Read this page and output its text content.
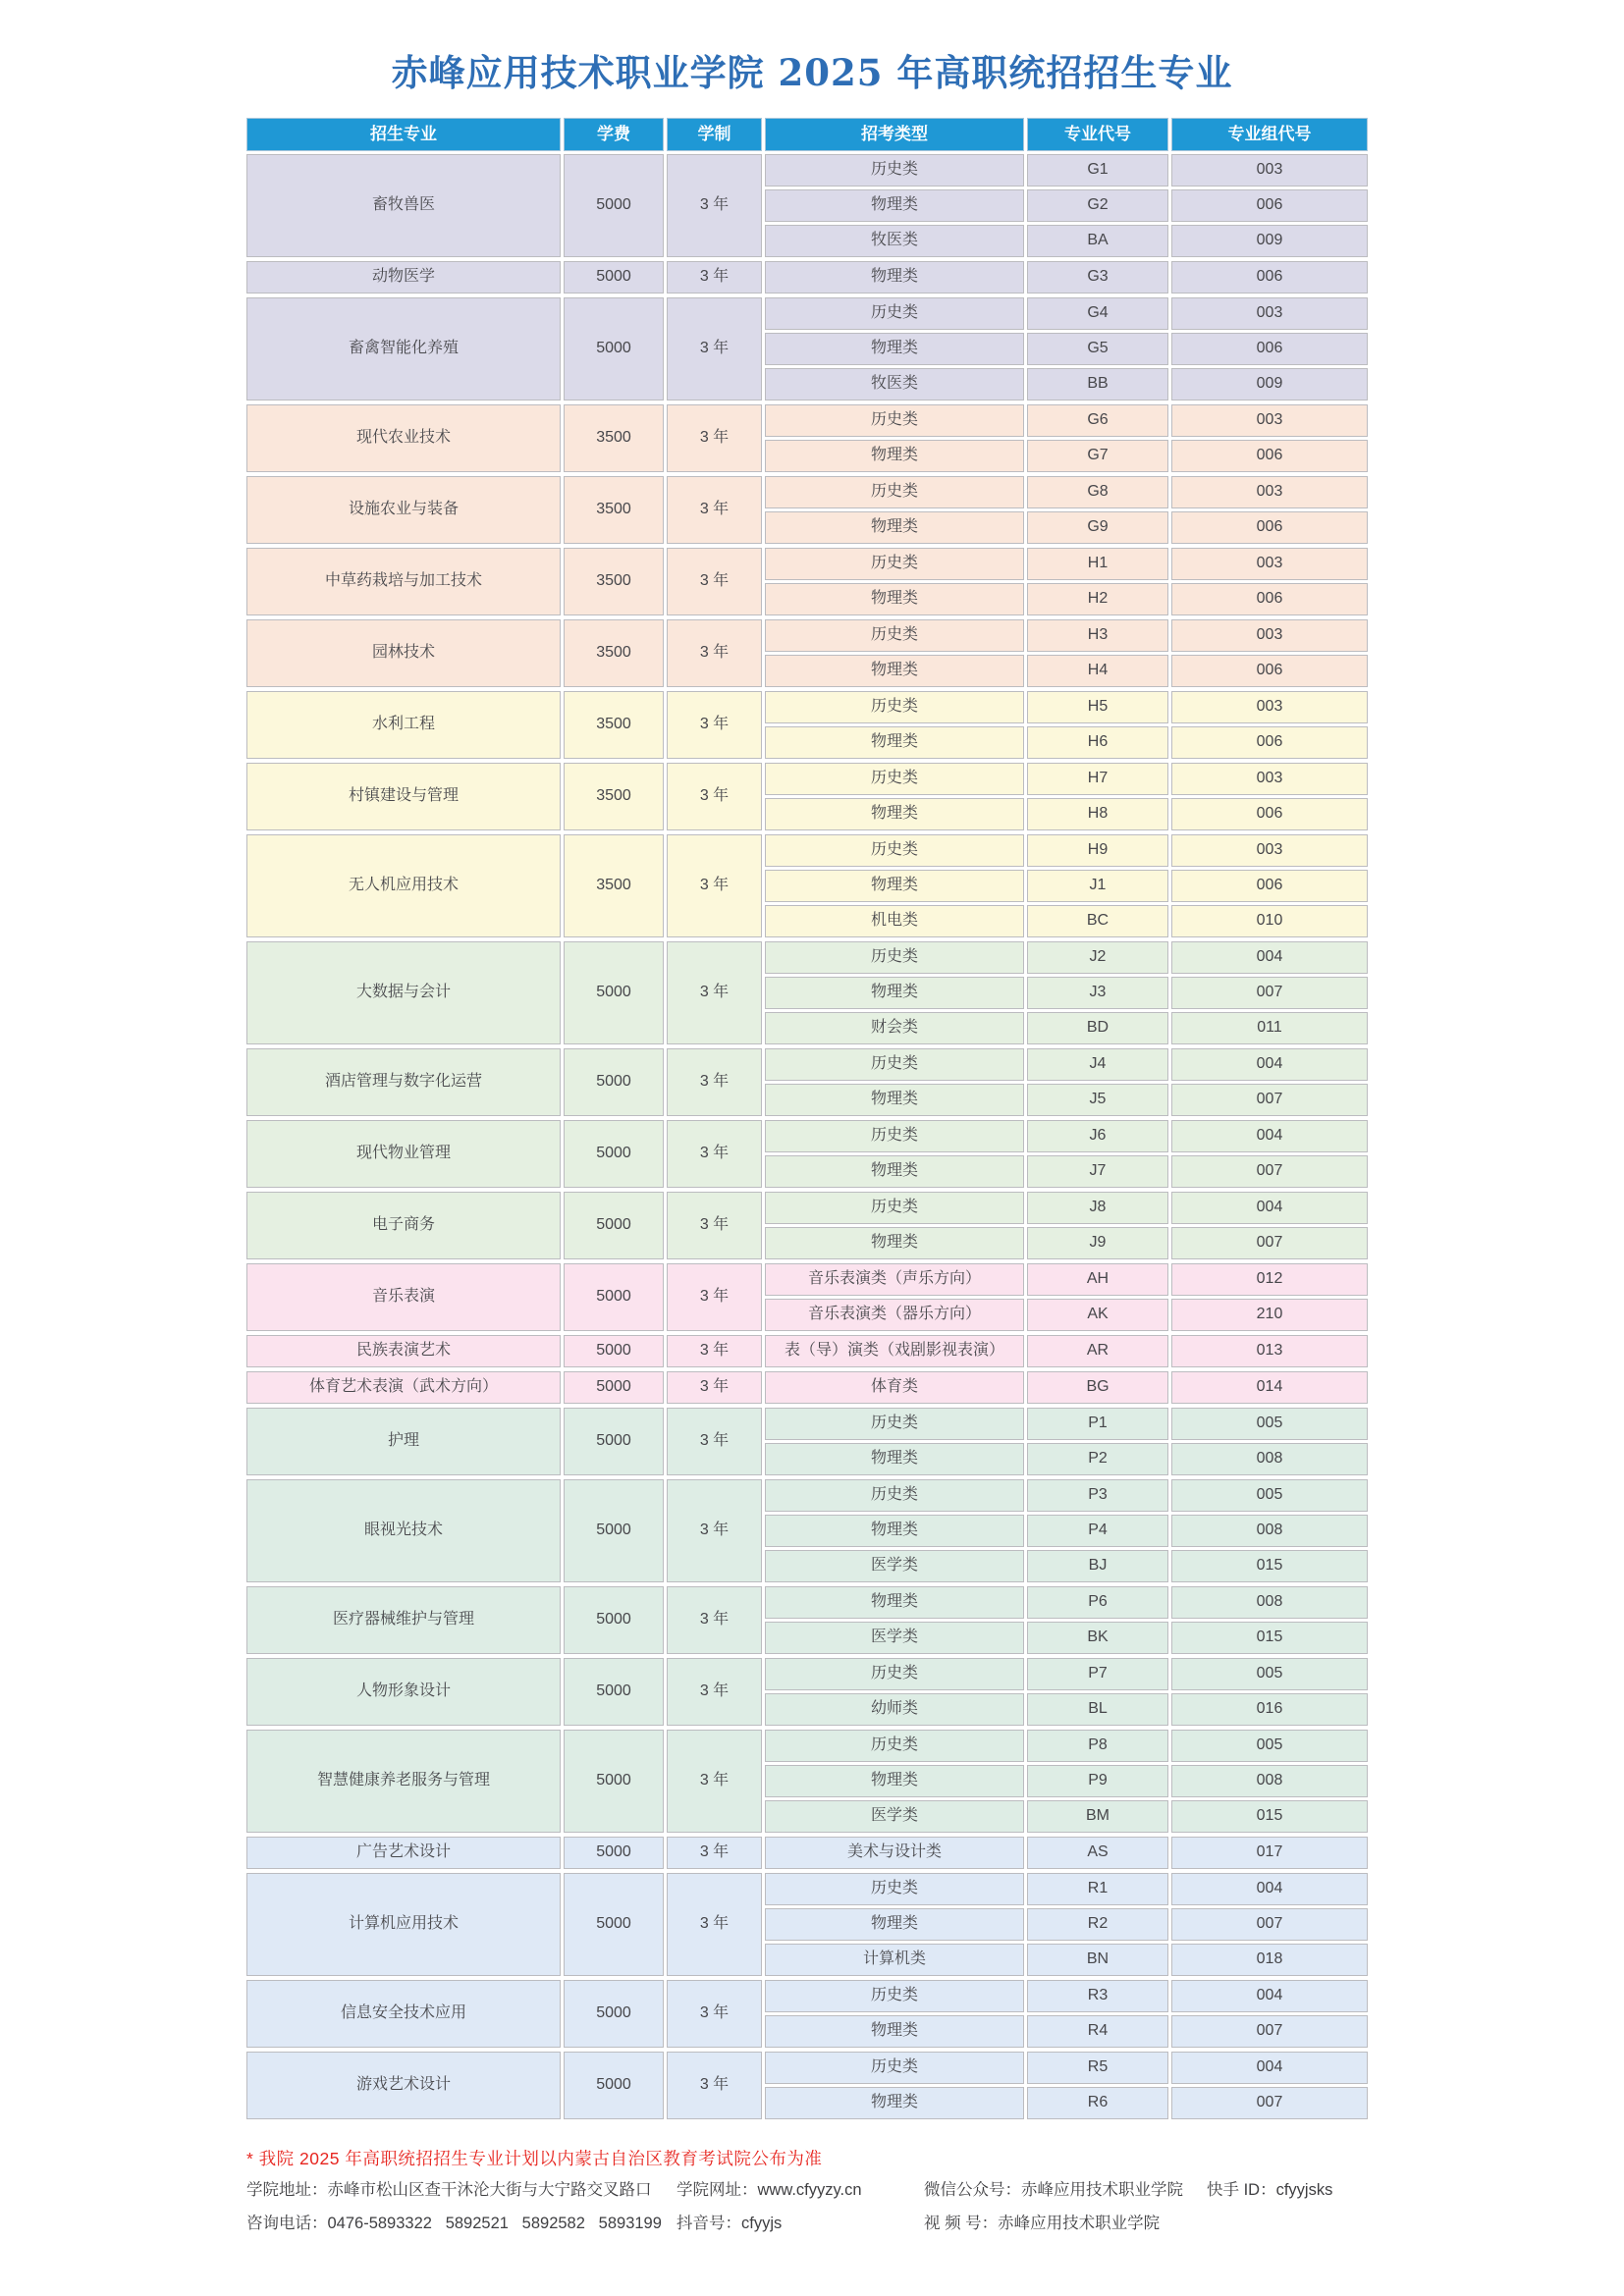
赤峰应用技术职业学院 2025 年高职统招招生专业
招生专业	学费	学制	招考类型	专业代号	专业组代号
畜牧兽医	5000	3 年
历史类	G1	003
物理类	G2	006
牧医类	BA	009
动物医学	5000	3 年	物理类	G3	006
畜禽智能化养殖	5000	3 年
历史类	G4	003
物理类	G5	006
牧医类	BB	009
现代农业技术	3500	3 年
历史类	G6	003
物理类	G7	006
设施农业与装备	3500	3 年
历史类	G8	003
物理类	G9	006
中草药栽培与加工技术	3500	3 年
历史类	H1	003
物理类	H2	006
园林技术	3500	3 年
历史类	H3	003
物理类	H4	006
水利工程	3500	3 年
历史类	H5	003
物理类	H6	006
村镇建设与管理	3500	3 年
历史类	H7	003
物理类	H8	006
无人机应用技术	3500	3 年
历史类	H9	003
物理类	J1	006
机电类	BC	010
大数据与会计	5000	3 年
历史类	J2	004
物理类	J3	007
财会类	BD	011
酒店管理与数字化运营	5000	3 年
历史类	J4	004
物理类	J5	007
现代物业管理	5000	3 年
历史类	J6	004
物理类	J7	007
电子商务	5000	3 年
历史类	J8	004
物理类	J9	007
音乐表演	5000	3 年
音乐表演类（声乐方向）	AH	012
音乐表演类（器乐方向）	AK	210
民族表演艺术	5000	3 年	表（导）演类（戏剧影视表演）	AR	013
体育艺术表演（武术方向）	5000	3 年	体育类	BG	014
护理	5000	3 年
历史类	P1	005
物理类	P2	008
眼视光技术	5000	3 年
历史类	P3	005
物理类	P4	008
医学类	BJ	015
医疗器械维护与管理	5000	3 年
物理类	P6	008
医学类	BK	015
人物形象设计	5000	3 年
历史类	P7	005
幼师类	BL	016
智慧健康养老服务与管理	5000	3 年
历史类	P8	005
物理类	P9	008
医学类	BM	015
广告艺术设计	5000	3 年	美术与设计类	AS	017
计算机应用技术	5000	3 年
历史类	R1	004
物理类	R2	007
计算机类	BN	018
信息安全技术应用	5000	3 年
历史类	R3	004
物理类	R4	007
游戏艺术设计	5000	3 年
历史类	R5	004
物理类	R6	007
* 我院 2025 年高职统招招生专业计划以内蒙古自治区教育考试院公布为准
学院地址：赤峰市松山区查干沐沦大街与大宁路交叉路口	学院网址：www.cfyyzy.cn	微信公众号：赤峰应用技术职业学院	快手 ID：cfyyjsks
咨询电话：0476-5893322   5892521   5892582   5893199 抖音号：cfyyjs	视 频 号：赤峰应用技术职业学院
